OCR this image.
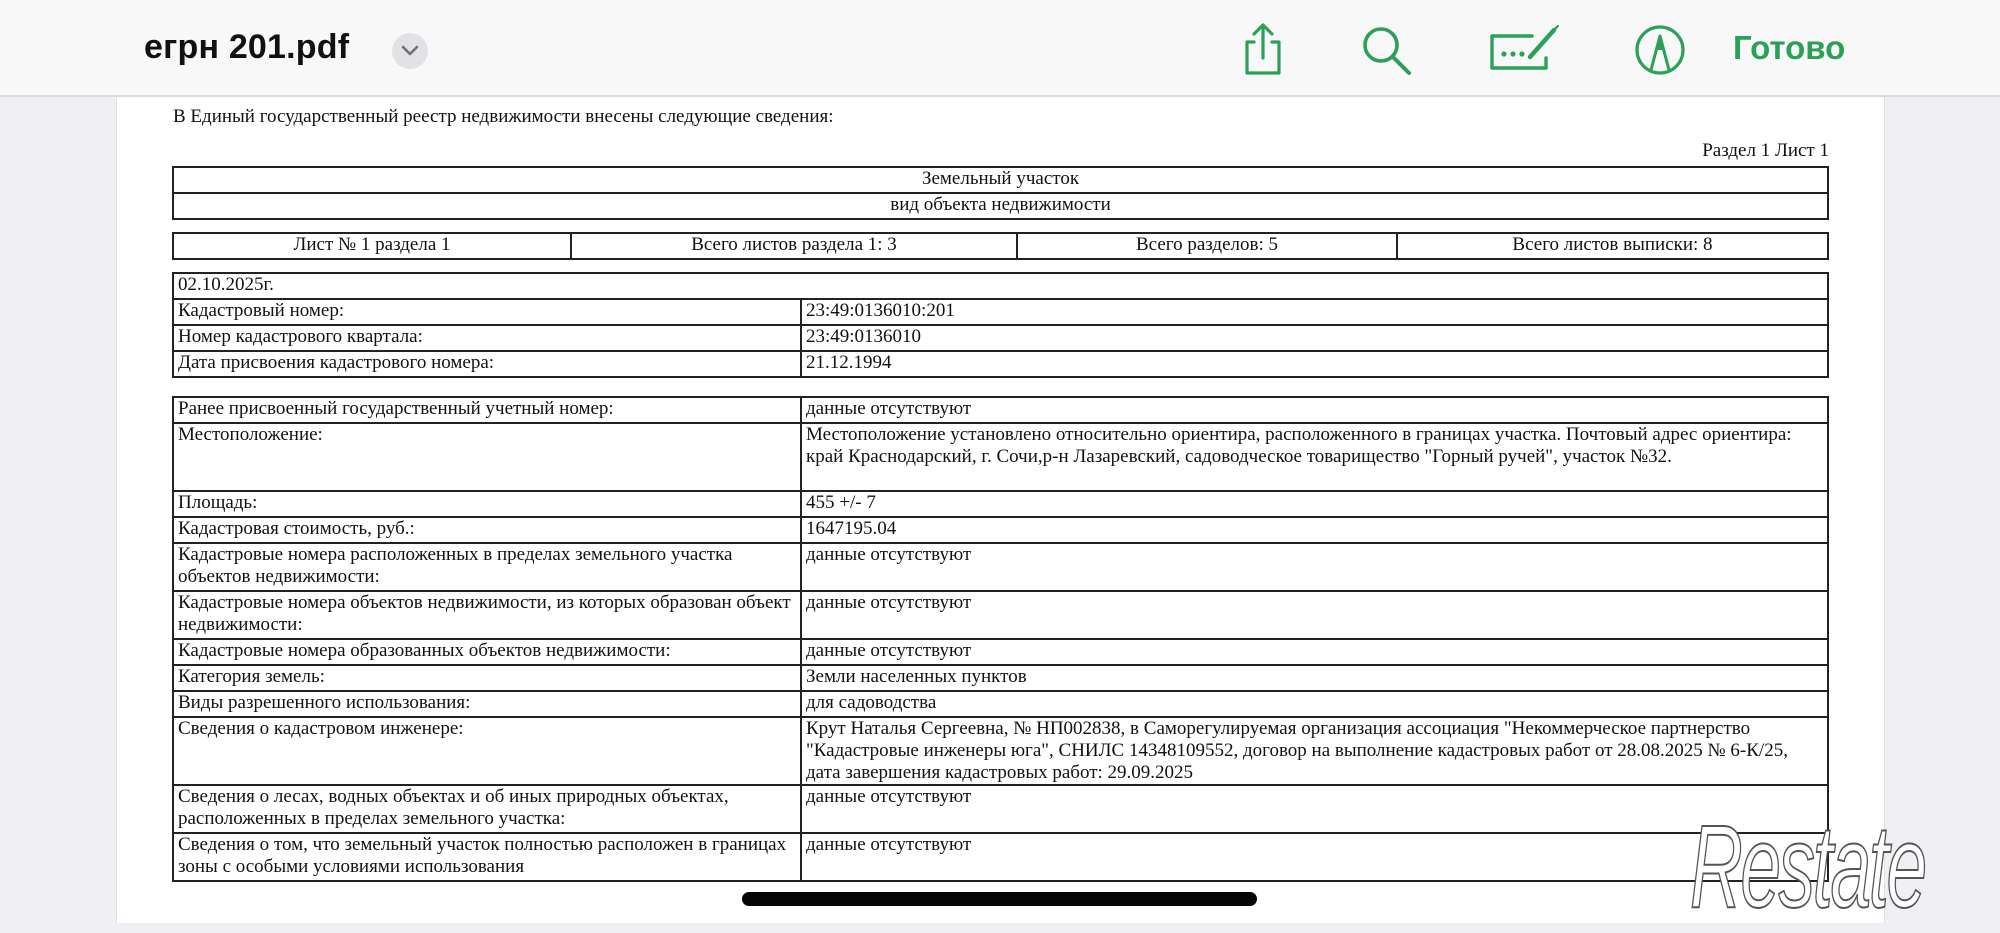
егрн 201.pdf	Готово
В Единый государственный реестр недвижимости внесены следующие сведения:
Раздел 1 Лист 1
Земельный участок
вид объекта недвижимости
Лист № 1 раздела 1	Всего листов раздела 1: 3	Всего разделов: 5	Всего листов выписки: 8
02.10.2025г.	
Кадастровый номер:	23:49:0136010:201
Номер кадастрового квартала:	23:49:0136010
Дата присвоения кадастрового номера:	21.12.1994
Ранее присвоенный государственный учетный номер:	данные отсутствуют
Местоположение:	Местоположение установлено относительно ориентира, расположенного в границах участка. Почтовый адрес ориентира: край Краснодарский, г. Сочи,р-н Лазаревский, садоводческое товарищество "Горный ручей", участок №32.
Площадь:	455 +/- 7
Кадастровая стоимость, руб.:	1647195.04
Кадастровые номера расположенных в пределах земельного участка объектов недвижимости:	данные отсутствуют
Кадастровые номера объектов недвижимости, из которых образован объект недвижимости:	данные отсутствуют
Кадастровые номера образованных объектов недвижимости:	данные отсутствуют
Категория земель:	Земли населенных пунктов
Виды разрешенного использования:	для садоводства
Сведения о кадастровом инженере:	Крут Наталья Сергеевна, № НП002838, в Саморегулируемая организация ассоциация "Некоммерческое партнерство "Кадастровые инженеры юга", СНИЛС 14348109552, договор на выполнение кадастровых работ от 28.08.2025 № 6-К/25, дата завершения кадастровых работ: 29.09.2025
Сведения о лесах, водных объектах и об иных природных объектах, расположенных в пределах земельного участка:	данные отсутствуют
Сведения о том, что земельный участок полностью расположен в границах зоны с особыми условиями использования	данные отсутствуют	Restate
